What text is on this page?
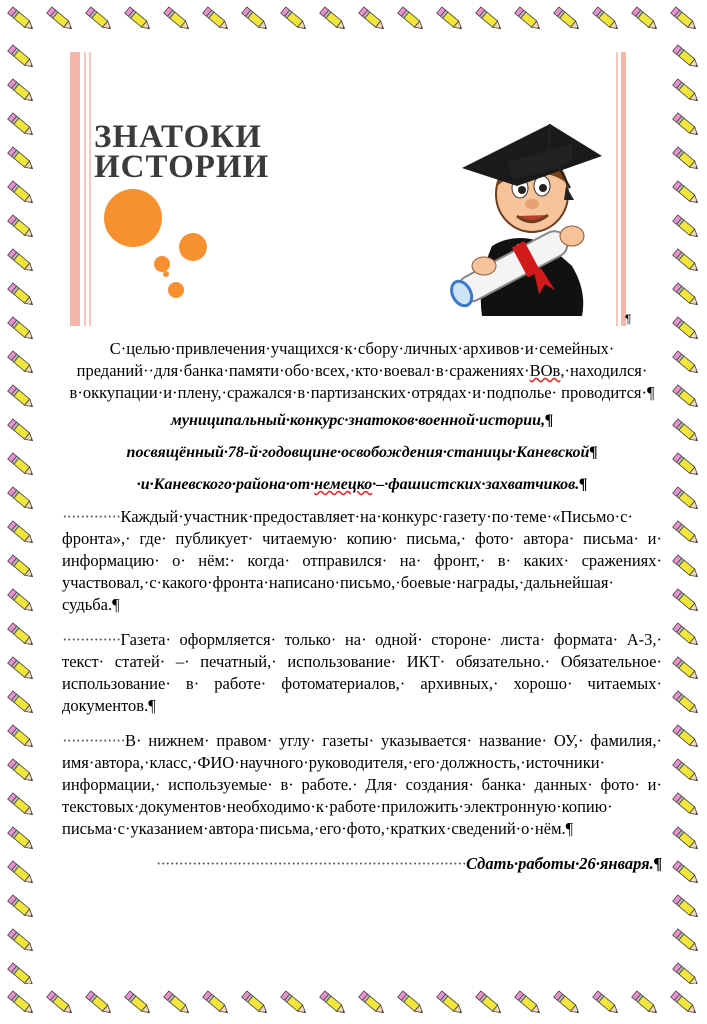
ЗНАТОКИ
ИСТОРИИ
¶

С·целью·привлечения·учащихся·к·сбору·личных·архивов·и·семейных· преданий··для·банка·памяти·обо·всех,·кто·воевал·в·сражениях·ВОв,·находился· в·оккупации·и·плену,·сражался·в·партизанских·отрядах·и·подполье· проводится·¶

муниципальный·конкурс·знатоков·военной·истории,¶

посвящённый·78-й·годовщине·освобождения·станицы·Каневской¶

·и·Каневского·района·от·немецко·–·фашистских·захватчиков.¶

·············Каждый·участник·предоставляет·на·конкурс·газету·по·теме·«Письмо·с· фронта»,· где· публикует· читаемую· копию· письма,· фото· автора· письма· и· информацию· о· нём:· когда· отправился· на· фронт,· в· каких· сражениях· участвовал,·с·какого·фронта·написано·письмо,·боевые·награды,·дальнейшая· судьба.¶

·············Газета· оформляется· только· на· одной· стороне· листа· формата· А-3,· текст· статей· –· печатный,· использование· ИКТ· обязательно.· Обязательное· использование· в· работе· фотоматериалов,· архивных,· хорошо· читаемых· документов.¶

··············В· нижнем· правом· углу· газеты· указывается· название· ОУ,· фамилия,· имя·автора,·класс,·ФИО·научного·руководителя,·его·должность,·источники· информации,· используемые· в· работе.· Для· создания· банка· данных· фото· и· текстовых·документов·необходимо·к·работе·приложить·электронную·копию· письма·с·указанием·автора·письма,·его·фото,·кратких·сведений·о·нём.¶

·····································································Сдать·работы·26·января.¶
